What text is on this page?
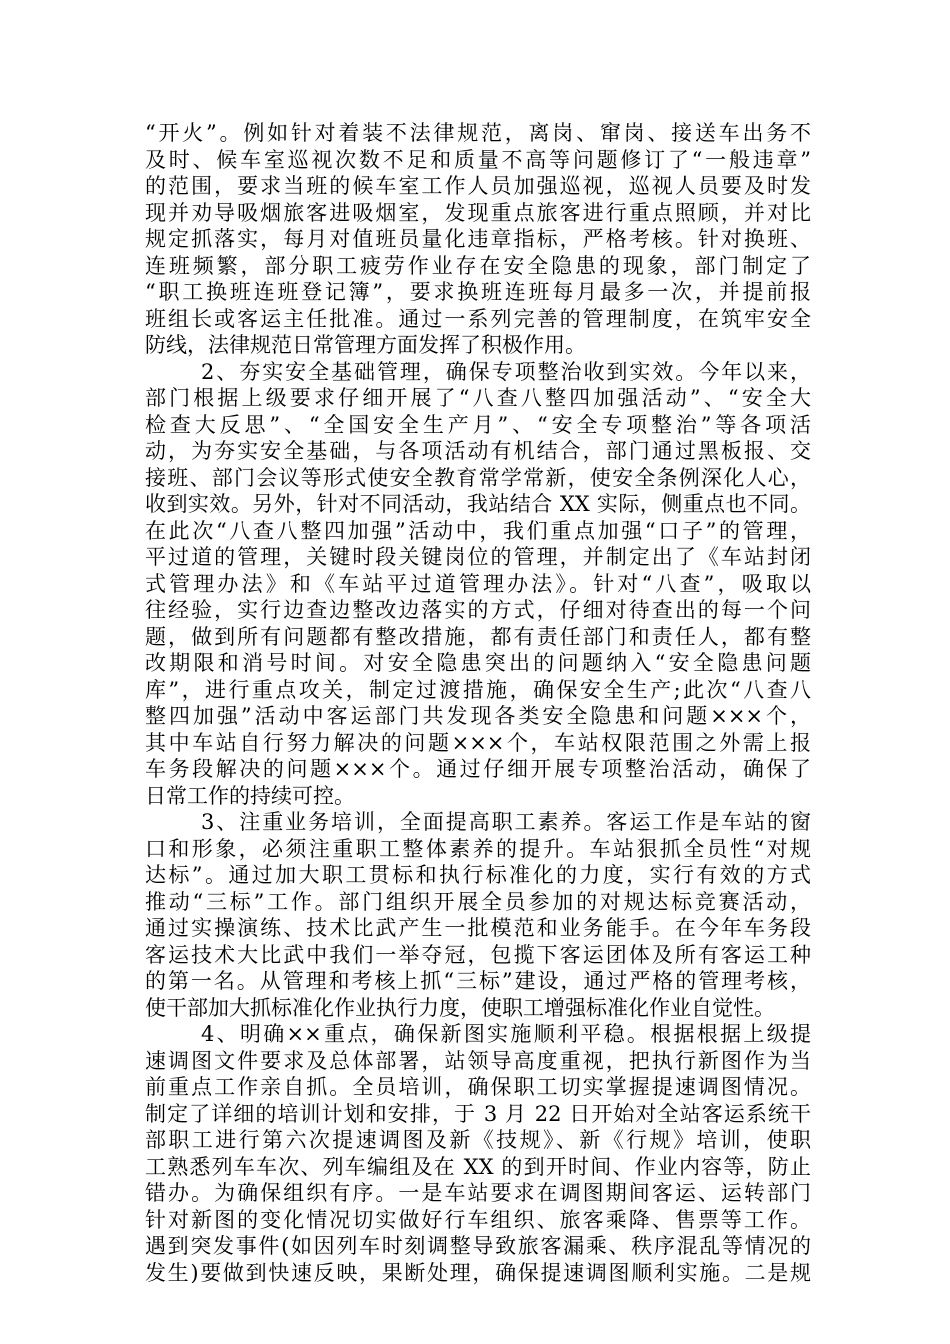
“开火”。例如针对着装不法律规范，离岗、窜岗、接送车出务不
及时、候车室巡视次数不足和质量不高等问题修订了“一般违章”
的范围，要求当班的候车室工作人员加强巡视，巡视人员要及时发
现并劝导吸烟旅客进吸烟室，发现重点旅客进行重点照顾，并对比
规定抓落实，每月对值班员量化违章指标，严格考核。针对换班、
连班频繁，部分职工疲劳作业存在安全隐患的现象，部门制定了
“职工换班连班登记簿”，要求换班连班每月最多一次，并提前报
班组长或客运主任批准。通过一系列完善的管理制度，在筑牢安全
防线，法律规范日常管理方面发挥了积极作用。
2、夯实安全基础管理，确保专项整治收到实效。今年以来，
部门根据上级要求仔细开展了“八查八整四加强活动”、“安全大
检查大反思”、“全国安全生产月”、“安全专项整治”等各项活
动，为夯实安全基础，与各项活动有机结合，部门通过黑板报、交
接班、部门会议等形式使安全教育常学常新，使安全条例深化人心，
收到实效。另外，针对不同活动，我站结合 XX 实际，侧重点也不同。
在此次“八查八整四加强”活动中，我们重点加强“口子”的管理，
平过道的管理，关键时段关键岗位的管理，并制定出了《车站封闭
式管理办法》和《车站平过道管理办法》。针对“八查”，吸取以
往经验，实行边查边整改边落实的方式，仔细对待查出的每一个问
题，做到所有问题都有整改措施，都有责任部门和责任人，都有整
改期限和消号时间。对安全隐患突出的问题纳入“安全隐患问题
库”，进行重点攻关，制定过渡措施，确保安全生产;此次“八查八
整四加强”活动中客运部门共发现各类安全隐患和问题×××个，
其中车站自行努力解决的问题×××个，车站权限范围之外需上报
车务段解决的问题×××个。通过仔细开展专项整治活动，确保了
日常工作的持续可控。
3、注重业务培训，全面提高职工素养。客运工作是车站的窗
口和形象，必须注重职工整体素养的提升。车站狠抓全员性“对规
达标”。通过加大职工贯标和执行标准化的力度，实行有效的方式
推动“三标”工作。部门组织开展全员参加的对规达标竞赛活动，
通过实操演练、技术比武产生一批模范和业务能手。在今年车务段
客运技术大比武中我们一举夺冠，包揽下客运团体及所有客运工种
的第一名。从管理和考核上抓“三标”建设，通过严格的管理考核，
使干部加大抓标准化作业执行力度，使职工增强标准化作业自觉性。
4、明确××重点，确保新图实施顺利平稳。根据根据上级提
速调图文件要求及总体部署，站领导高度重视，把执行新图作为当
前重点工作亲自抓。全员培训，确保职工切实掌握提速调图情况。
制定了详细的培训计划和安排，于 3 月 22 日开始对全站客运系统干
部职工进行第六次提速调图及新《技规》、新《行规》培训，使职
工熟悉列车车次、列车编组及在 XX 的到开时间、作业内容等，防止
错办。为确保组织有序。一是车站要求在调图期间客运、运转部门
针对新图的变化情况切实做好行车组织、旅客乘降、售票等工作。
遇到突发事件(如因列车时刻调整导致旅客漏乘、秩序混乱等情况的
发生)要做到快速反映，果断处理，确保提速调图顺利实施。二是规
